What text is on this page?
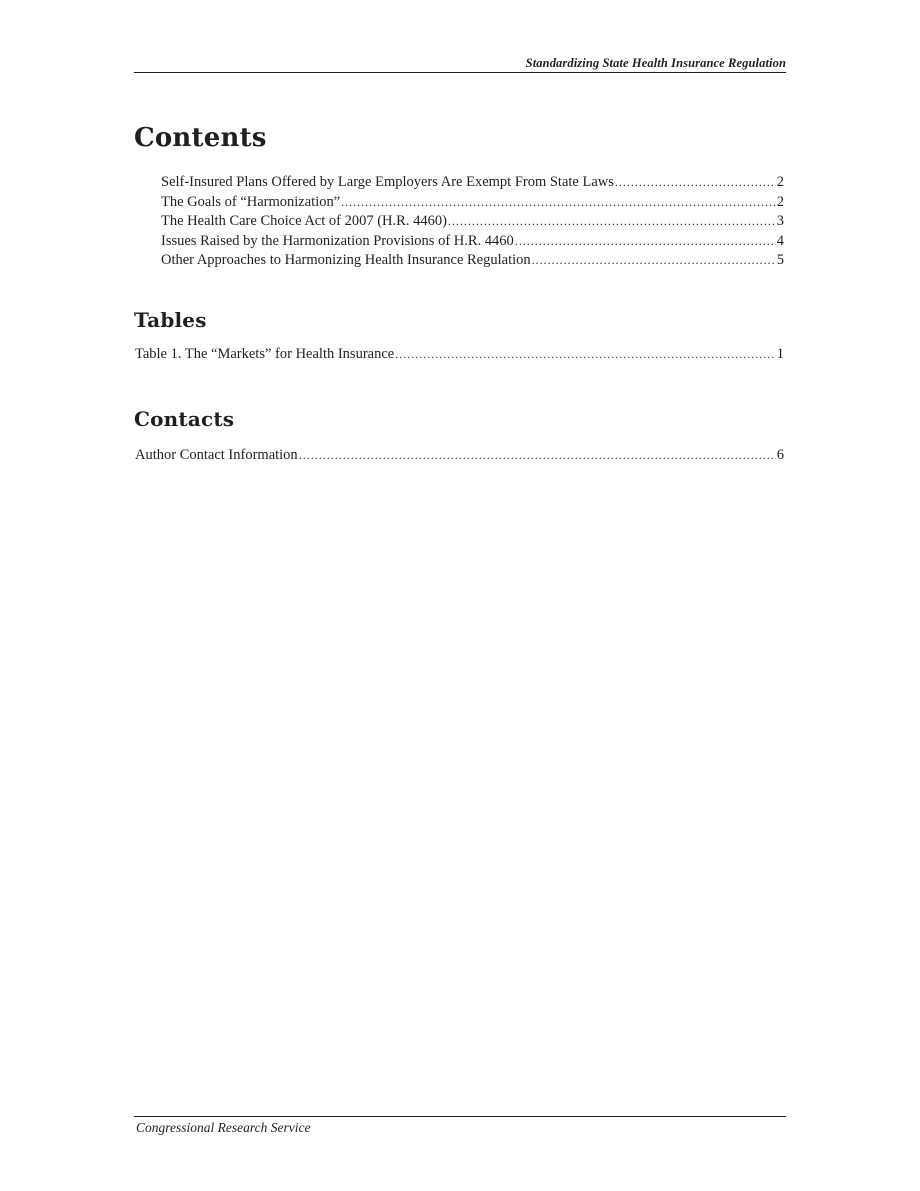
Standardizing State Health Insurance Regulation
Contents
Self-Insured Plans Offered by Large Employers Are Exempt From State Laws .....	2
The Goals of “Harmonization” .....	2
The Health Care Choice Act of 2007 (H.R. 4460) .....	3
Issues Raised by the Harmonization Provisions of H.R. 4460 .....	4
Other Approaches to Harmonizing Health Insurance Regulation .....	5
Tables
Table 1. The “Markets” for Health Insurance .....	1
Contacts
Author Contact Information .....	6
Congressional Research Service
